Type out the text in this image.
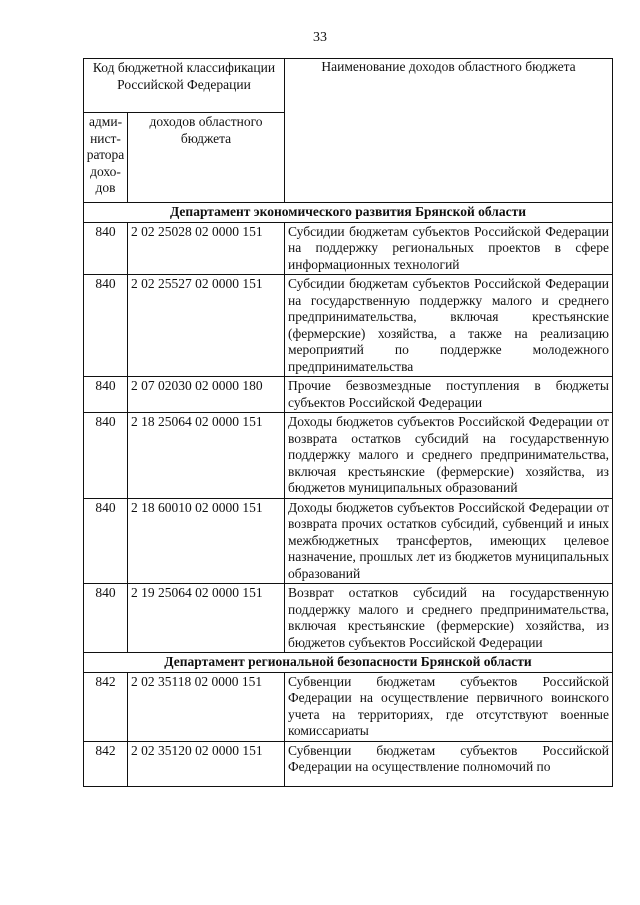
33
Код бюджетной классификации Российской Федерации		Наименование доходов областного бюджета
адми-нист-ратора дохо-дов	доходов областного бюджета	
Департамент экономического развития Брянской области		

840	2 02 25028 02 0000 151	Субсидии бюджетам субъектов Российской Федерации на поддержку региональных проектов в сфере информационных технологий

840	2 02 25527 02 0000 151	Субсидии бюджетам субъектов Российской Федерации на государственную поддержку малого и среднего предпринимательства, включая крестьянские (фермерские) хозяйства, а также на реализацию мероприятий по поддержке молодежного предпринимательства

840	2 07 02030 02 0000 180	Прочие безвозмездные поступления в бюджеты субъектов Российской Федерации

840	2 18 25064 02 0000 151	Доходы бюджетов субъектов Российской Федерации от возврата остатков субсидий на государственную поддержку малого и среднего предпринимательства, включая крестьянские (фермерские) хозяйства, из бюджетов муниципальных образований

840	2 18 60010 02 0000 151	Доходы бюджетов субъектов Российской Федерации от возврата прочих остатков субсидий, субвенций и иных межбюджетных трансфертов, имеющих целевое назначение, прошлых лет из бюджетов муниципальных образований

840	2 19 25064 02 0000 151	Возврат остатков субсидий на государственную поддержку малого и среднего предпринимательства, включая крестьянские (фермерские) хозяйства, из бюджетов субъектов Российской Федерации

Департамент региональной безопасности Брянской области		

842	2 02 35118 02 0000 151	Субвенции бюджетам субъектов Российской Федерации на осуществление первичного воинского учета на территориях, где отсутствуют военные комиссариаты

842	2 02 35120 02 0000 151	Субвенции бюджетам субъектов Российской Федерации на осуществление полномочий по
